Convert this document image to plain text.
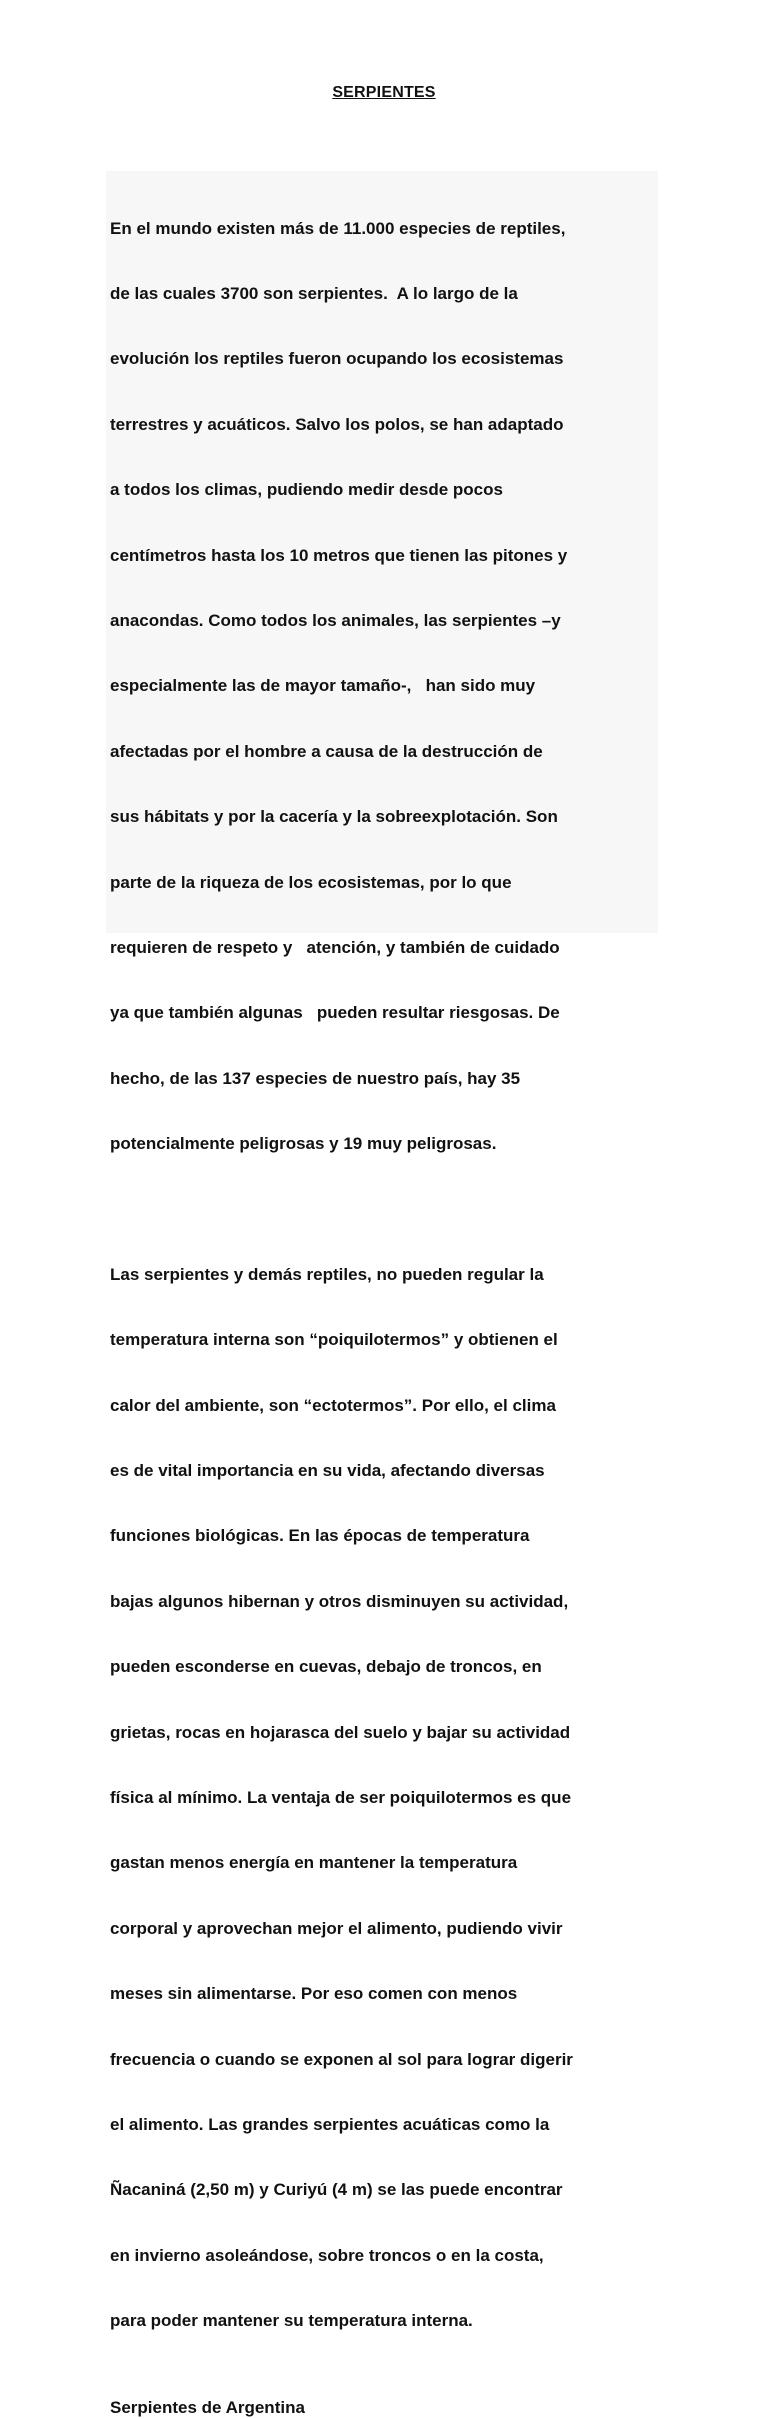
SERPIENTES

En el mundo existen más de 11.000 especies de reptiles,

de las cuales 3700 son serpientes.  A lo largo de la

evolución los reptiles fueron ocupando los ecosistemas

terrestres y acuáticos. Salvo los polos, se han adaptado

a todos los climas, pudiendo medir desde pocos

centímetros hasta los 10 metros que tienen las pitones y

anacondas. Como todos los animales, las serpientes –y

especialmente las de mayor tamaño-,   han sido muy

afectadas por el hombre a causa de la destrucción de

sus hábitats y por la cacería y la sobreexplotación. Son

parte de la riqueza de los ecosistemas, por lo que

requieren de respeto y   atención, y también de cuidado

ya que también algunas   pueden resultar riesgosas. De

hecho, de las 137 especies de nuestro país, hay 35

potencialmente peligrosas y 19 muy peligrosas.

Las serpientes y demás reptiles, no pueden regular la

temperatura interna son “poiquilotermos” y obtienen el

calor del ambiente, son “ectotermos”. Por ello, el clima

es de vital importancia en su vida, afectando diversas

funciones biológicas. En las épocas de temperatura

bajas algunos hibernan y otros disminuyen su actividad,

pueden esconderse en cuevas, debajo de troncos, en

grietas, rocas en hojarasca del suelo y bajar su actividad

física al mínimo. La ventaja de ser poiquilotermos es que

gastan menos energía en mantener la temperatura

corporal y aprovechan mejor el alimento, pudiendo vivir

meses sin alimentarse. Por eso comen con menos

frecuencia o cuando se exponen al sol para lograr digerir

el alimento. Las grandes serpientes acuáticas como la

Ñacaniná (2,50 m) y Curiyú (4 m) se las puede encontrar

en invierno asoleándose, sobre troncos o en la costa,

para poder mantener su temperatura interna.

Serpientes de Argentina
